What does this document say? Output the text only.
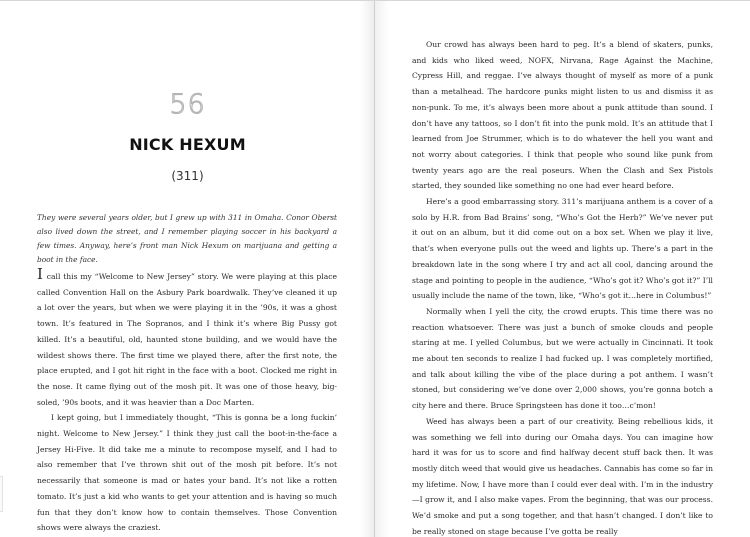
56
NICK HEXUM
(311)
They were several years older, but I grew up with 311 in Omaha. Conor Oberst also lived down the street, and I remember playing soccer in his backyard a few times. Anyway, here’s front man Nick Hexum on marijuana and getting a boot in the face.

I call this my “Welcome to New Jersey” story. We were playing at this place called Convention Hall on the Asbury Park boardwalk. They’ve cleaned it up a lot over the years, but when we were playing it in the ’90s, it was a ghost town. It’s featured in The Sopranos, and I think it’s where Big Pussy got killed. It’s a beautiful, old, haunted stone building, and we would have the wildest shows there. The first time we played there, after the first note, the place erupted, and I got hit right in the face with a boot. Clocked me right in the nose. It came flying out of the mosh pit. It was one of those heavy, big-soled, ’90s boots, and it was heavier than a Doc Marten.

I kept going, but I immediately thought, “This is gonna be a long fuckin’ night. Welcome to New Jersey.” I think they just call the boot-in-the-face a Jersey Hi-Five. It did take me a minute to recompose myself, and I had to also remember that I’ve thrown shit out of the mosh pit before. It’s not necessarily that someone is mad or hates your band. It’s not like a rotten tomato. It’s just a kid who wants to get your attention and is having so much fun that they don’t know how to contain themselves. Those Convention shows were always the craziest.

Our crowd has always been hard to peg. It’s a blend of skaters, punks, and kids who liked weed, NOFX, Nirvana, Rage Against the Machine, Cypress Hill, and reggae. I’ve always thought of myself as more of a punk than a metalhead. The hardcore punks might listen to us and dismiss it as non-punk. To me, it’s always been more about a punk attitude than sound. I don’t have any tattoos, so I don’t fit into the punk mold. It’s an attitude that I learned from Joe Strummer, which is to do whatever the hell you want and not worry about categories. I think that people who sound like punk from twenty years ago are the real poseurs. When the Clash and Sex Pistols started, they sounded like something no one had ever heard before.

Here’s a good embarrassing story. 311’s marijuana anthem is a cover of a solo by H.R. from Bad Brains’ song, “Who’s Got the Herb?” We’ve never put it out on an album, but it did come out on a box set. When we play it live, that’s when everyone pulls out the weed and lights up. There’s a part in the breakdown late in the song where I try and act all cool, dancing around the stage and pointing to people in the audience, “Who’s got it? Who’s got it?” I’ll usually include the name of the town, like, “Who’s got it…here in Columbus!”

Normally when I yell the city, the crowd erupts. This time there was no reaction whatsoever. There was just a bunch of smoke clouds and people staring at me. I yelled Columbus, but we were actually in Cincinnati. It took me about ten seconds to realize I had fucked up. I was completely mortified, and talk about killing the vibe of the place during a pot anthem. I wasn’t stoned, but considering we’ve done over 2,000 shows, you’re gonna botch a city here and there. Bruce Springsteen has done it too…c’mon!

Weed has always been a part of our creativity. Being rebellious kids, it was something we fell into during our Omaha days. You can imagine how hard it was for us to score and find halfway decent stuff back then. It was mostly ditch weed that would give us headaches. Cannabis has come so far in my lifetime. Now, I have more than I could ever deal with. I’m in the industry—I grow it, and I also make vapes. From the beginning, that was our process. We’d smoke and put a song together, and that hasn’t changed. I don’t like to be really stoned on stage because I’ve gotta be really
